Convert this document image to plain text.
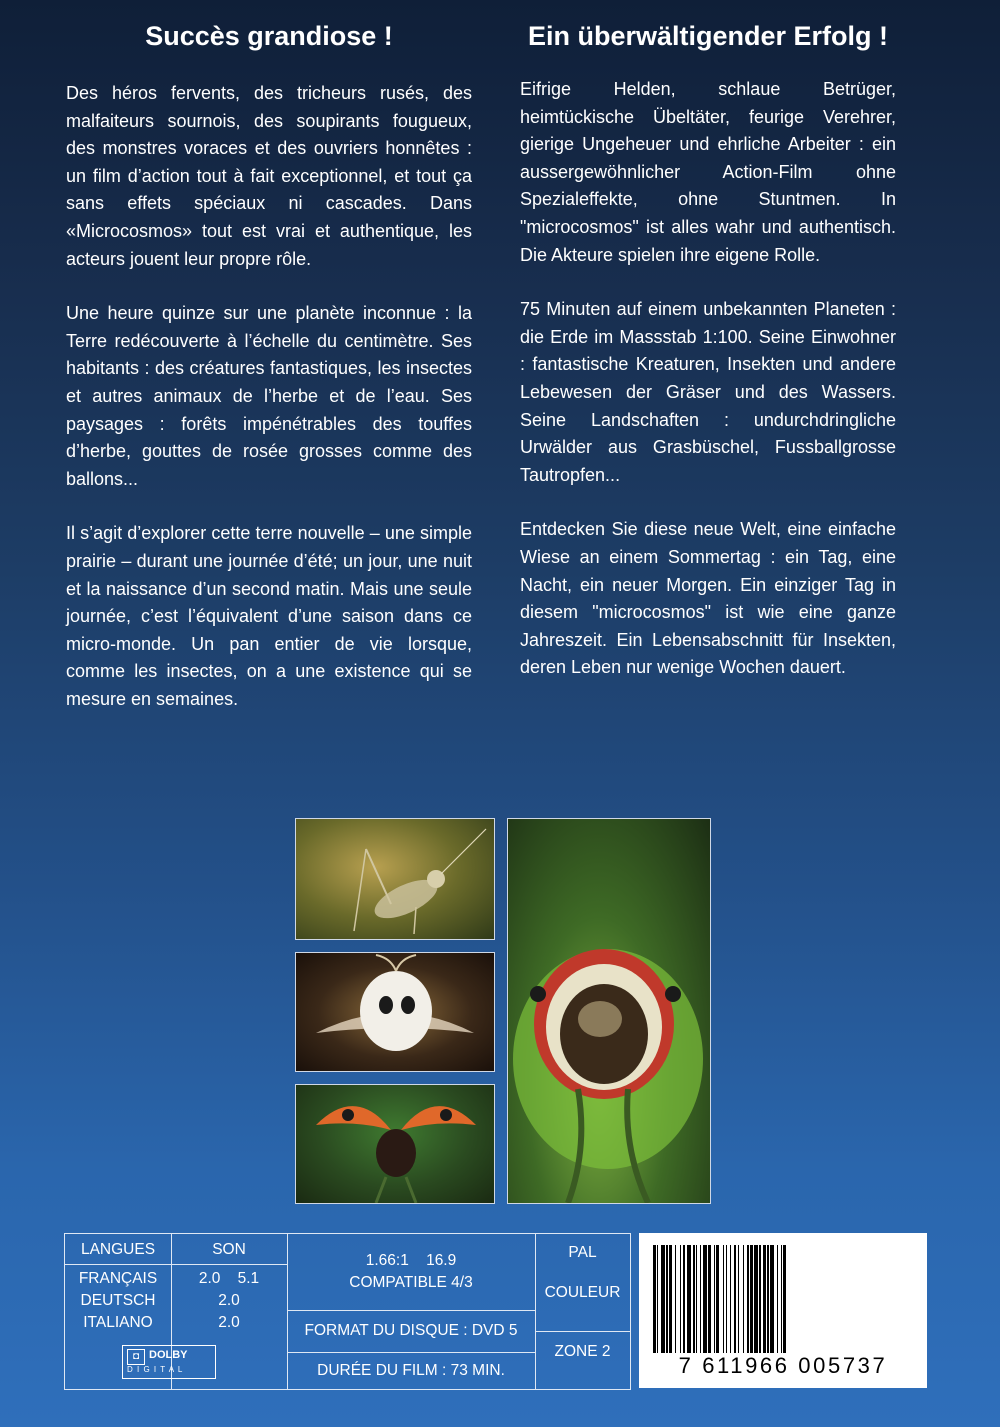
Succès grandiose !

Des héros fervents, des tricheurs rusés, des malfaiteurs sournois, des soupirants fougueux, des monstres voraces et des ouvriers honnêtes : un film d’action tout à fait exceptionnel, et tout ça sans effets spéciaux ni cascades. Dans «Microcosmos» tout est vrai et authentique, les acteurs jouent leur propre rôle.

Une heure quinze sur une planète inconnue : la Terre redécouverte à l’échelle du centimètre. Ses habitants : des créatures fantastiques, les insectes et autres animaux de l’herbe et de l’eau. Ses paysages : forêts impénétrables des touffes d’herbe, gouttes de rosée grosses comme des ballons...

Il s’agit d’explorer cette terre nouvelle – une simple prairie – durant une journée d’été; un jour, une nuit et la naissance d’un second matin. Mais une seule journée, c’est l’équivalent d’une saison dans ce micro-monde. Un pan entier de vie lorsque, comme les insectes, on a une existence qui se mesure en semaines.

Ein überwältigender Erfolg !

Eifrige Helden, schlaue Betrüger, heimtückische Übeltäter, feurige Verehrer, gierige Ungeheuer und ehrliche Arbeiter : ein aussergewöhnlicher Action-Film ohne Spezialeffekte, ohne Stuntmen. In "microcosmos" ist alles wahr und authentisch. Die Akteure spielen ihre eigene Rolle.

75 Minuten auf einem unbekannten Planeten : die Erde im Massstab 1:100. Seine Einwohner : fantastische Kreaturen, Insekten und andere Lebewesen der Gräser und des Wassers. Seine Landschaften : undurchdringliche Urwälder aus Grasbüschel, Fussballgrosse Tautropfen...

Entdecken Sie diese neue Welt, eine einfache Wiese an einem Sommertag : ein Tag, eine Nacht, ein neuer Morgen. Ein einziger Tag in diesem "microcosmos" ist wie eine ganze Jahreszeit. Ein Lebensabschnitt für Insekten, deren Leben nur wenige Wochen dauert.

LANGUES	SON
FRANÇAIS
DEUTSCH
ITALIANO
2.0    5.1
2.0
2.0
1.66:1    16.9
COMPATIBLE 4/3
FORMAT DU DISQUE : DVD 5
DURÉE DU FILM : 73 MIN.
PAL
COULEUR
ZONE 2
◘ DOLBY
D I G I T A L	7 611966 005737
